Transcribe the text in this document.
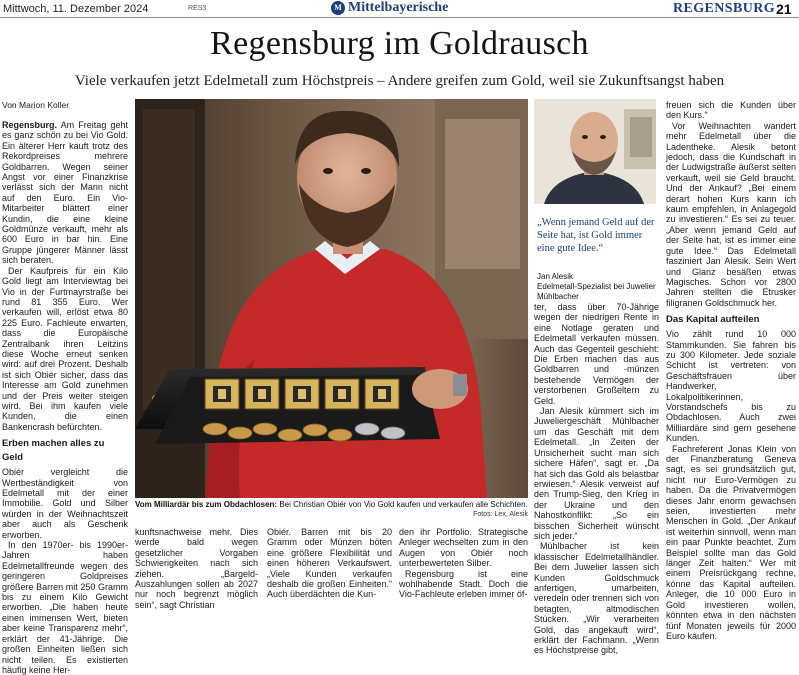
Mittwoch, 11. Dezember 2024	RES3	M Mittelbayerische	REGENSBURG 21
Regensburg im Goldrausch
Viele verkaufen jetzt Edelmetall zum Höchstpreis – Andere greifen zum Gold, weil sie Zukunftsangst haben
Von Marion Koller

Regensburg. Am Freitag geht es ganz schön zu bei Vio Gold. Ein älterer Herr kauft trotz des Rekordpreises mehrere Goldbarren. Wegen seiner Angst vor einer Finanzkrise verlässt sich der Mann nicht auf den Euro. Ein Vio-Mitarbeiter blättert einer Kundin, die eine kleine Goldmünze verkauft, mehr als 600 Euro in bar hin. Eine Gruppe jüngerer Männer lässt sich beraten.

Der Kaufpreis für ein Kilo Gold liegt am Interviewtag bei Vio in der Furtmayrstraße bei rund 81 355 Euro. Wer verkaufen will, erlöst etwa 80 225 Euro. Fachleute erwarten, dass die Europäische Zentralbank ihren Leitzins diese Woche erneut senken wird: auf drei Prozent. Deshalb ist sich Obiér sicher, dass das Interesse am Gold zunehmen und der Preis weiter steigen wird. Bei ihm kaufen viele Kunden, die einen Bankencrash befürchten.

Erben machen alles zu Geld

Obiér vergleicht die Wertbeständigkeit von Edelmetall mit der einer Immobilie. Gold und Silber würden in der Weihnachtszeit aber auch als Geschenk erworben.

In den 1970er- bis 1990er-Jahren haben Edelmetallfreunde wegen des geringeren Goldpreises größere Barren mit 250 Gramm bis zu einem Kilo Gewicht erworben. „Die haben heute einen immensen Wert, bieten aber keine Transparenz mehr“, erklärt der 41-Jährige. Die großen Einheiten ließen sich nicht teilen. Es existierten häufig keine Her-

Vom Milliardär bis zum Obdachlosen: Bei Christian Obiér von Vio Gold kaufen und verkaufen alle Schichten.
Fotos: Lex, Alesik

kunftsnachweise mehr. Dies werde bald wegen gesetzlicher Vorgaben Schwierigkeiten nach sich ziehen. „Bargeld-Auszahlungen sollen ab 2027 nur noch begrenzt möglich sein“, sagt Christian

Obiér. Barren mit bis 20 Gramm oder Münzen böten eine größere Flexibilität und einen höheren Verkaufswert. „Viele Kunden verkaufen deshalb die großen Einheiten.“ Auch überdächten die Kun-

den ihr Portfolio. Strategische Anleger wechselten zum in den Augen von Obiér noch unterbewerteten Silber.

Regensburg ist eine wohlhabende Stadt. Doch die Vio-Fachleute erleben immer öf-

„Wenn jemand Geld auf der Seite hat, ist Gold immer eine gute Idee.“
Jan Alesik
Edelmetall-Spezialist bei Juwelier Mühlbacher

ter, dass über 70-Jährige wegen der niedrigen Rente in eine Notlage geraten und Edelmetall verkaufen müssen. Auch das Gegenteil geschieht: Die Erben machen das aus Goldbarren und -münzen bestehende Vermögen der verstorbenen Großeltern zu Geld.

Jan Alesik kümmert sich im Juweliergeschäft Mühlbacher um das Geschäft mit dem Edelmetall. „In Zeiten der Unsicherheit sucht man sich sichere Häfen“, sagt er. „Da hat sich das Gold als belastbar erwiesen.“ Alesik verweist auf den Trump-Sieg, den Krieg in der Ukraine und den Nahostkonflikt: „So ein bisschen Sicherheit wünscht sich jeder.“

Mühlbacher ist kein klassischer Edelmetallhändler. Bei dem Juwelier lassen sich Kunden Goldschmuck anfertigen, umarbeiten, veredeln oder trennen sich von betagten, altmodischen Stücken. „Wir verarbeiten Gold, das angekauft wird“, erklärt der Fachmann. „Wenn es Höchstpreise gibt,

freuen sich die Kunden über den Kurs.“

Vor Weihnachten wandert mehr Edelmetall über die Ladentheke. Alesik betont jedoch, dass die Kundschaft in der Ludwigstraße äußerst selten verkauft, weil sie Geld braucht. Und der Ankauf? „Bei einem derart hohen Kurs kann ich kaum empfehlen, in Anlagegold zu investieren.“ Es sei zu teuer. „Aber wenn jemand Geld auf der Seite hat, ist es immer eine gute Idee.“ Das Edelmetall fasziniert Jan Alesik. Sein Wert und Glanz besäßen etwas Magisches. Schon vor 2800 Jahren stellten die Etrusker filigranen Goldschmuck her.

Das Kapital aufteilen

Vio zählt rund 10 000 Stammkunden. Sie fahren bis zu 300 Kilometer. Jede soziale Schicht ist vertreten: von Geschäftsfrauen über Handwerker, Lokalpolitikerinnen, Vorstandschefs bis zu Obdachlosen. Auch zwei Milliardäre sind gern gesehene Kunden.

Fachreferent Jonas Klein von der Finanzberatung Geneva sagt, es sei grundsätzlich gut, nicht nur Euro-Vermögen zu haben. Da die Privatvermögen dieses Jahr enorm gewachsen seien, investierten mehr Menschen in Gold. „Der Ankauf ist weiterhin sinnvoll, wenn man ein paar Punkte beachtet. Zum Beispiel sollte man das Gold länger Zeit halten.“ Wer mit einem Preisrückgang rechne, könne das Kapital aufteilen. Anleger, die 10 000 Euro in Gold investieren wollen, könnten etwa in den nächsten fünf Monaten jeweils für 2000 Euro kaufen.
